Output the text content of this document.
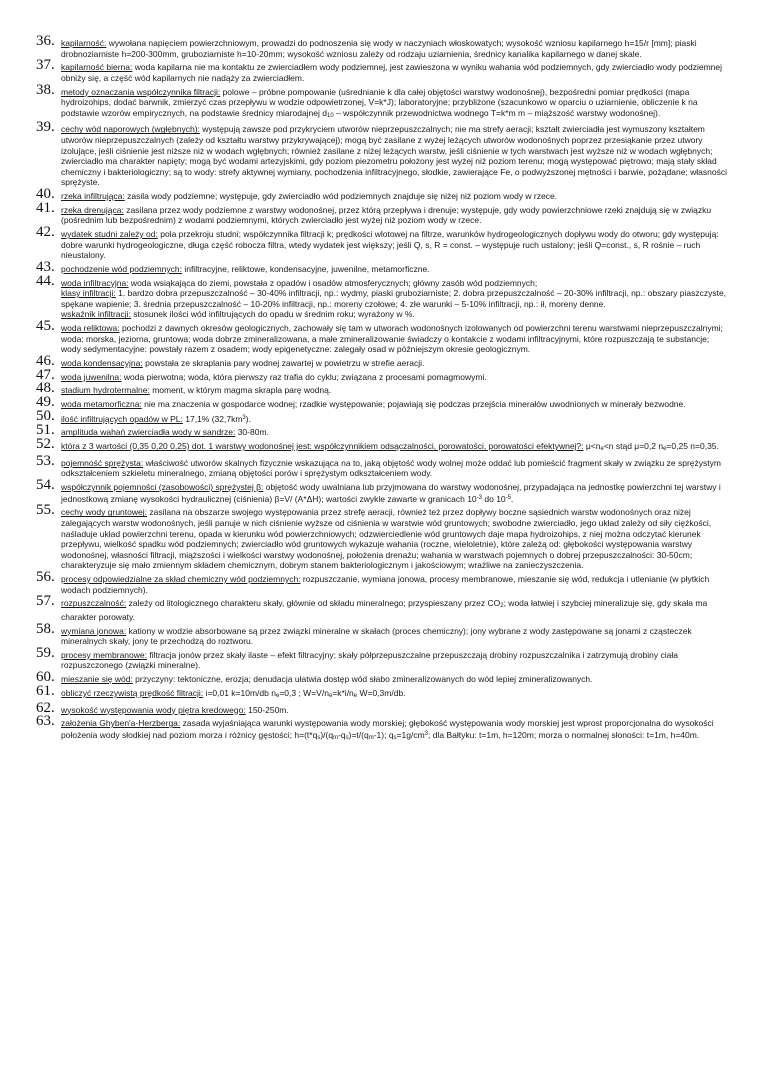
36. kapilarność: wywołana napięciem powierzchniowym, prowadzi do podnoszenia się wody w naczyniach włoskowatych; wysokość wzniosu kapilarnego h=15/r [mm]; piaski drobnoziarniste h=200-300mm, gruboziarniste h=10-20mm; wysokość wzniosu zależy od rodzaju uziarnienia, średnicy kanalika kapilarnego w danej skale.
37. kapilarność bierna: woda kapilarna nie ma kontaktu ze zwierciadłem wody podziemnej, jest zawieszona w wyniku wahania wód podziemnych, gdy zwierciadło wody podziemnej obniży się, a część wód kapilarnych nie nadąży za zwierciadłem.
38. metody oznaczania współczynnika filtracji: polowe – próbne pompowanie (uśrednianie k dla całej objętości warstwy wodonośnej), bezpośredni pomiar prędkości (mapa hydroizohips, dodać barwnik, zmierzyć czas przepływu w wodzie odpowietrzonej, V=k*J); laboratoryjne; przybliżone (szacunkowo w oparciu o uziarnienie, obliczenie k na podstawie wzorów empirycznych, na podstawie średnicy miarodajnej d10 – współczynnik przewodnictwa wodnego T=k*m m – miąższość warstwy wodonośnej).
39. cechy wód naporowych (wgłębnych): występują zawsze pod przykryciem utworów nieprzepuszczalnych; nie ma strefy aeracji; kształt zwierciadła jest wymuszony kształtem utworów nieprzepuszczalnych (zależy od kształtu warstwy przykrywającej); mogą być zasilane z wyżej leżących utworów wodonośnych poprzez przesiąkanie przez utwory izolujące, jeśli ciśnienie jest niższe niż w wodach wgłębnych; również zasilane z niżej leżących warstw, jeśli ciśnienie w tych warstwach jest wyższe niż w wodach wgłębnych; zwierciadło ma charakter napięty; mogą być wodami artezyjskimi, gdy poziom piezometru położony jest wyżej niż poziom terenu; mogą występować piętrowo; mają stały skład chemiczny i bakteriologiczny; są to wody: strefy aktywnej wymiany, pochodzenia infiltracyjnego, słodkie, zawierające Fe, o podwyższonej mętności i barwie, pożądane; własności sprężyste.
40. rzeka infiltrująca: zasila wody podziemne; występuje, gdy zwierciadło wód podziemnych znajduje się niżej niż poziom wody w rzece.
41. rzeka drenująca: zasilana przez wody podziemne z warstwy wodonośnej, przez którą przepływa i drenuje; występuje, gdy wody powierzchniowe rzeki znajdują się w związku (pośrednim lub bezpośrednim) z wodami podziemnymi, których zwierciadło jest wyżej niż poziom wody w rzece.
42. wydatek studni zależy od: pola przekroju studni; współczynnika filtracji k; prędkości wlotowej na filtrze, warunków hydrogeologicznych dopływu wody do otworu; gdy występują: dobre warunki hydrogeologiczne, długa część robocza filtra, wtedy wydatek jest większy; jeśli Q, s, R = const. – występuje ruch ustalony; jeśli Q=const., s, R rośnie – ruch nieustalony.
43. pochodzenie wód podziemnych: infiltracyjne, reliktowe, kondensacyjne, juwenilne, metamorficzne.
44. woda infiltracyjna: woda wsiąkająca do ziemi, powstała z opadów i osadów atmosferycznych; główny zasób wód podziemnych;
klasy infiltracji: 1. bardzo dobra przepuszczalność – 30-40% infiltracji, np.: wydmy, piaski gruboziarniste; 2. dobra przepuszczalność – 20-30% infiltracji, np.: obszary piaszczyste, spękane wapienie; 3. średnia przepuszczalność – 10-20% infiltracji, np.: moreny czołowe; 4. złe warunki – 5-10% infiltracji, np.: ił, moreny denne.
wskaźnik infiltracji: stosunek ilości wód infiltrujących do opadu w średnim roku; wyrażony w %.
45. woda reliktowa: pochodzi z dawnych okresów geologicznych, zachowały się tam w utworach wodonośnych izolowanych od powierzchni terenu warstwami nieprzepuszczalnymi; woda: morska, jeziorna, gruntowa; woda dobrze zmineralizowana, a małe zmineralizowanie świadczy o kontakcie z wodami infiltracyjnymi, które rozpuszczają te substancje; wody sedymentacyjne: powstały razem z osadem; wody epigenetyczne: zalegały osad w późniejszym okresie geologicznym.
46. woda kondensacyjna: powstała ze skraplania pary wodnej zawartej w powietrzu w strefie aeracji.
47. woda juwenilna: woda pierwotna; woda, która pierwszy raz trafia do cyklu; związana z procesami pomagmowymi.
48. stadium hydrotermalne: moment, w którym magma skrapla parę wodną.
49. woda metamorficzna: nie ma znaczenia w gospodarce wodnej; rzadkie występowanie; pojawiają się podczas przejścia minerałów uwodnionych w minerały bezwodne.
50. ilość infiltrujących opadów w PL: 17,1% $(32,7km^3)$.
51. amplituda wahań zwierciadła wody w sandrze: 30-80m.
52. która z 3 wartości (0,35 0,20 0,25) dot. 1 warstwy wodonośnej jest: współczynnikiem odsączalności, porowatości, porowatości efektywnej?: μ<ne<n stąd μ=0,2 ne=0,25 n=0,35.
53. pojemność sprężysta: właściwość utworów skalnych fizycznie wskazująca na to, jaką objętość wody wolnej może oddać lub pomieścić fragment skały w związku ze sprężystym odkształceniem szkieletu mineralnego, zmianą objętości porów i sprężystym odkształceniem wody.
54. współczynnik pojemności (zasobowości) sprężystej β: objętość wody uwalniana lub przyjmowana do warstwy wodonośnej, przypadająca na jednostkę powierzchni tej warstwy i jednostkową zmianę wysokości hydraulicznej (ciśnienia) β=V/ (A*ΔH); wartości zwykle zawarte w granicach $10^{-3}$ do $10^{-5}$.
55. cechy wody gruntowej: zasilana na obszarze swojego występowania przez strefę aeracji, również też przez dopływy boczne sąsiednich warstw wodonośnych oraz niżej zalegających warstw wodonośnych, jeśli panuje w nich ciśnienie wyższe od ciśnienia w warstwie wód gruntowych; swobodne zwierciadło, jego układ zależy od siły ciężkości, naśladuje układ powierzchni terenu, opada w kierunku wód powierzchniowych; odzwierciedlenie wód gruntowych daje mapa hydroizohips, z niej można odczytać kierunek przepływu, wielkość spadku wód podziemnych; zwierciadło wód gruntowych wykazuje wahania (roczne, wieloletnie), które zależą od: głębokości występowania warstwy wodonośnej, własności filtracji, miąższości i wielkości warstwy wodonośnej, położenia drenażu; wahania w warstwach pojemnych o dobrej przepuszczalności: 30-50cm; charakteryzuje się mało zmiennym składem chemicznym, dobrym stanem bakteriologicznym i jakościowym; wrażliwe na zanieczyszczenia.
56. procesy odpowiedzialne za skład chemiczny wód podziemnych: rozpuszczanie, wymiana jonowa, procesy membranowe, mieszanie się wód, redukcja i utlenianie (w płytkich wodach podziemnych).
57. rozpuszczalność: zależy od litologicznego charakteru skały, głównie od składu mineralnego; przyspieszany przez CO2; woda łatwiej i szybciej mineralizuje się, gdy skała ma charakter porowaty.
58. wymiana jonowa: kationy w wodzie absorbowane są przez związki mineralne w skałach (proces chemiczny); jony wybrane z wody zastępowane są jonami z cząsteczek mineralnych skały, jony te przechodzą do roztworu.
59. procesy membranowe: filtracja jonów przez skały ilaste – efekt filtracyjny; skały półprzepuszczalne przepuszczają drobiny rozpuszczalnika i zatrzymują drobiny ciała rozpuszczonego (związki mineralne).
60. mieszanie się wód: przyczyny: tektoniczne, erozja; denudacja ułatwia dostęp wód słabo zmineralizowanych do wód lepiej zmineralizowanych.
61. obliczyć rzeczywistą prędkość filtracji: i=0,01 k=10m/db ne=0,3 ; W=V/ne=k*i/ne W=0,3m/db.
62. wysokość występowania wody piętra kredowego: 150-250m.
63. założenia Ghyben'a-Herzberga: zasada wyjaśniająca warunki występowania wody morskiej; głębokość występowania wody morskiej jest wprost proporcjonalna do wysokości położenia wody słodkiej nad poziom morza i różnicy gęstości; h=(t*qs)/(qm-qs)=t/(qm-1); $qs=1g/cm^3$; dla Bałtyku: t=1m, h=120m; morza o normalnej słoności: t=1m, h=40m.
